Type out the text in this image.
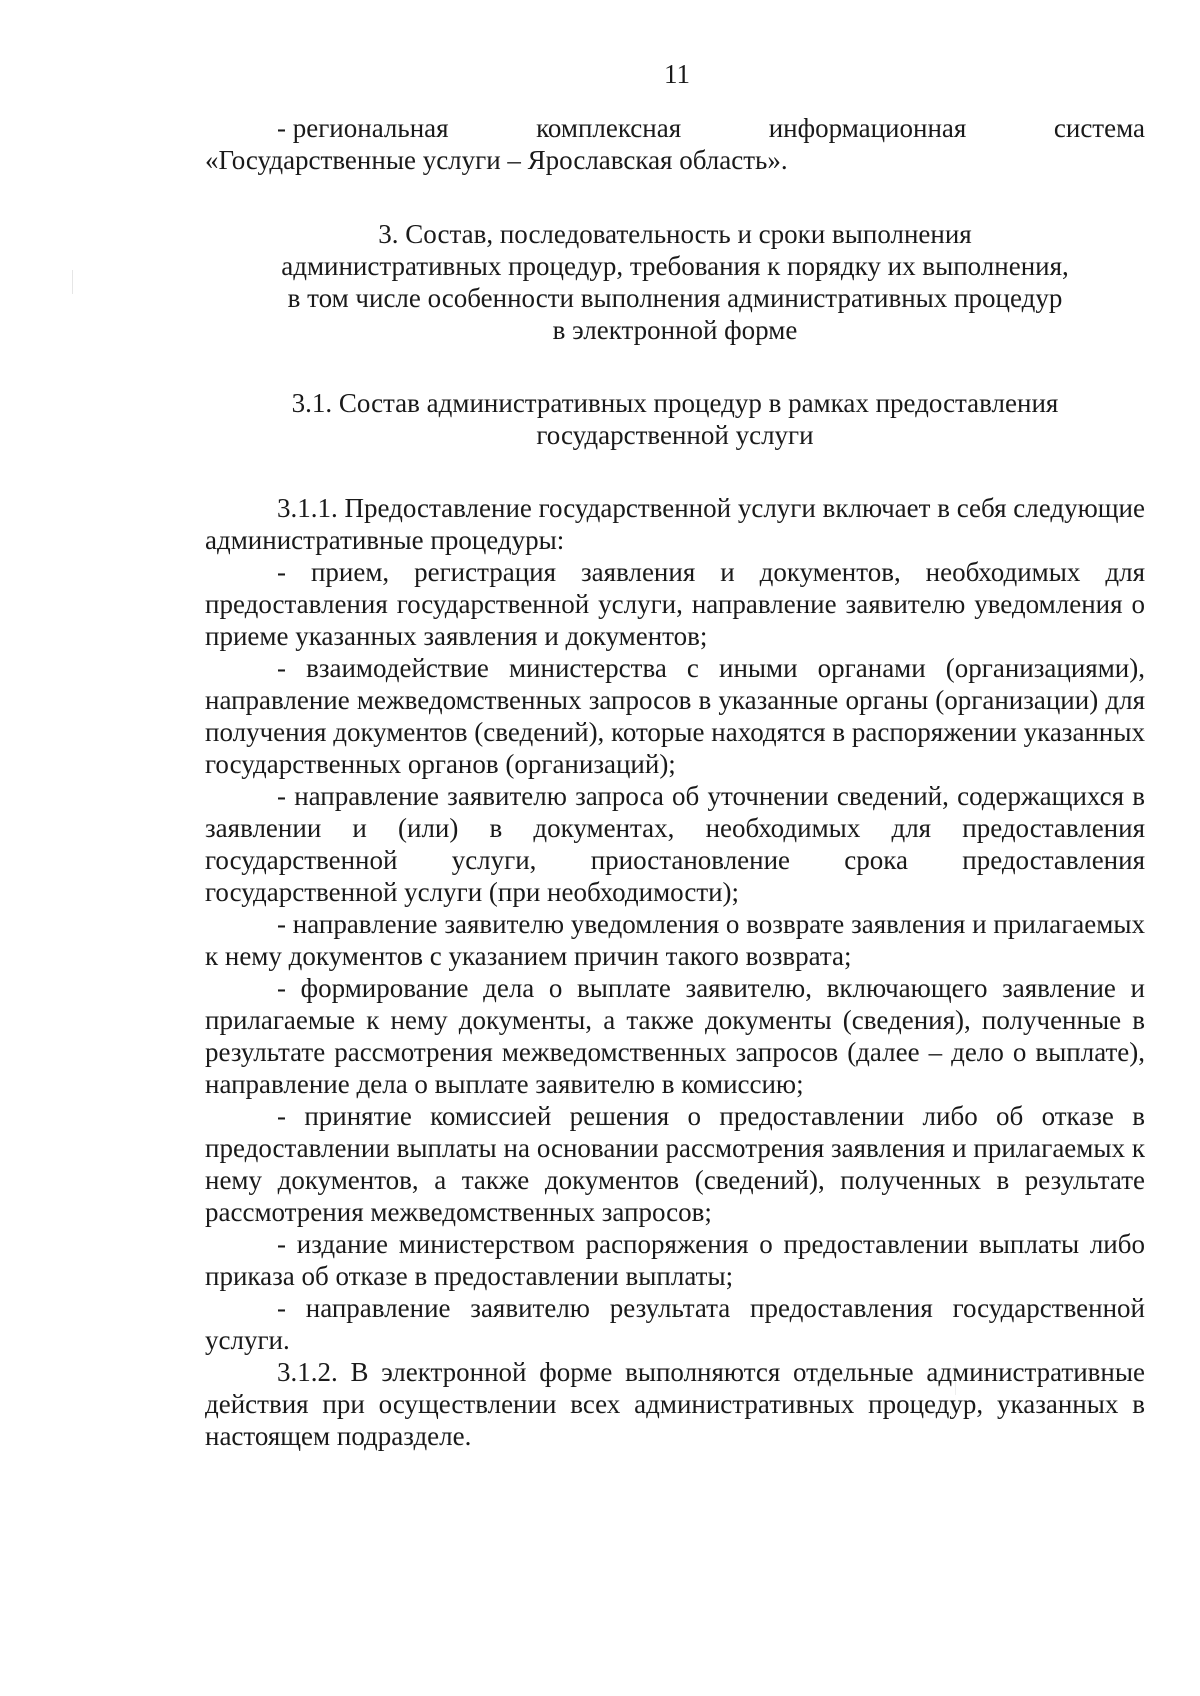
11
- региональная	комплексная	информационная	система
«Государственные услуги – Ярославская область».
3. Состав, последовательность и сроки выполнения
административных процедур, требования к порядку их выполнения,
в том числе особенности выполнения административных процедур
в электронной форме
3.1. Состав административных процедур в рамках предоставления
государственной услуги

3.1.1. Предоставление государственной услуги включает в себя следующие административные процедуры:

- прием, регистрация заявления и документов, необходимых для предоставления государственной услуги, направление заявителю уведомления о приеме указанных заявления и документов;

- взаимодействие министерства с иными органами (организациями), направление межведомственных запросов в указанные органы (организации) для получения документов (сведений), которые находятся в распоряжении указанных государственных органов (организаций);

- направление заявителю запроса об уточнении сведений, содержащихся в заявлении и (или) в документах, необходимых для предоставления государственной услуги, приостановление срока предоставления государственной услуги (при необходимости);

- направление заявителю уведомления о возврате заявления и прилагаемых к нему документов с указанием причин такого возврата;

- формирование дела о выплате заявителю, включающего заявление и прилагаемые к нему документы, а также документы (сведения), полученные в результате рассмотрения межведомственных запросов (далее – дело о выплате), направление дела о выплате заявителю в комиссию;

- принятие комиссией решения о предоставлении либо об отказе в предоставлении выплаты на основании рассмотрения заявления и прилагаемых к нему документов, а также документов (сведений), полученных в результате рассмотрения межведомственных запросов;

- издание министерством распоряжения о предоставлении выплаты либо приказа об отказе в предоставлении выплаты;

- направление заявителю результата предоставления государственной услуги.

3.1.2. В электронной форме выполняются отдельные административные действия при осуществлении всех административных процедур, указанных в настоящем подразделе.
